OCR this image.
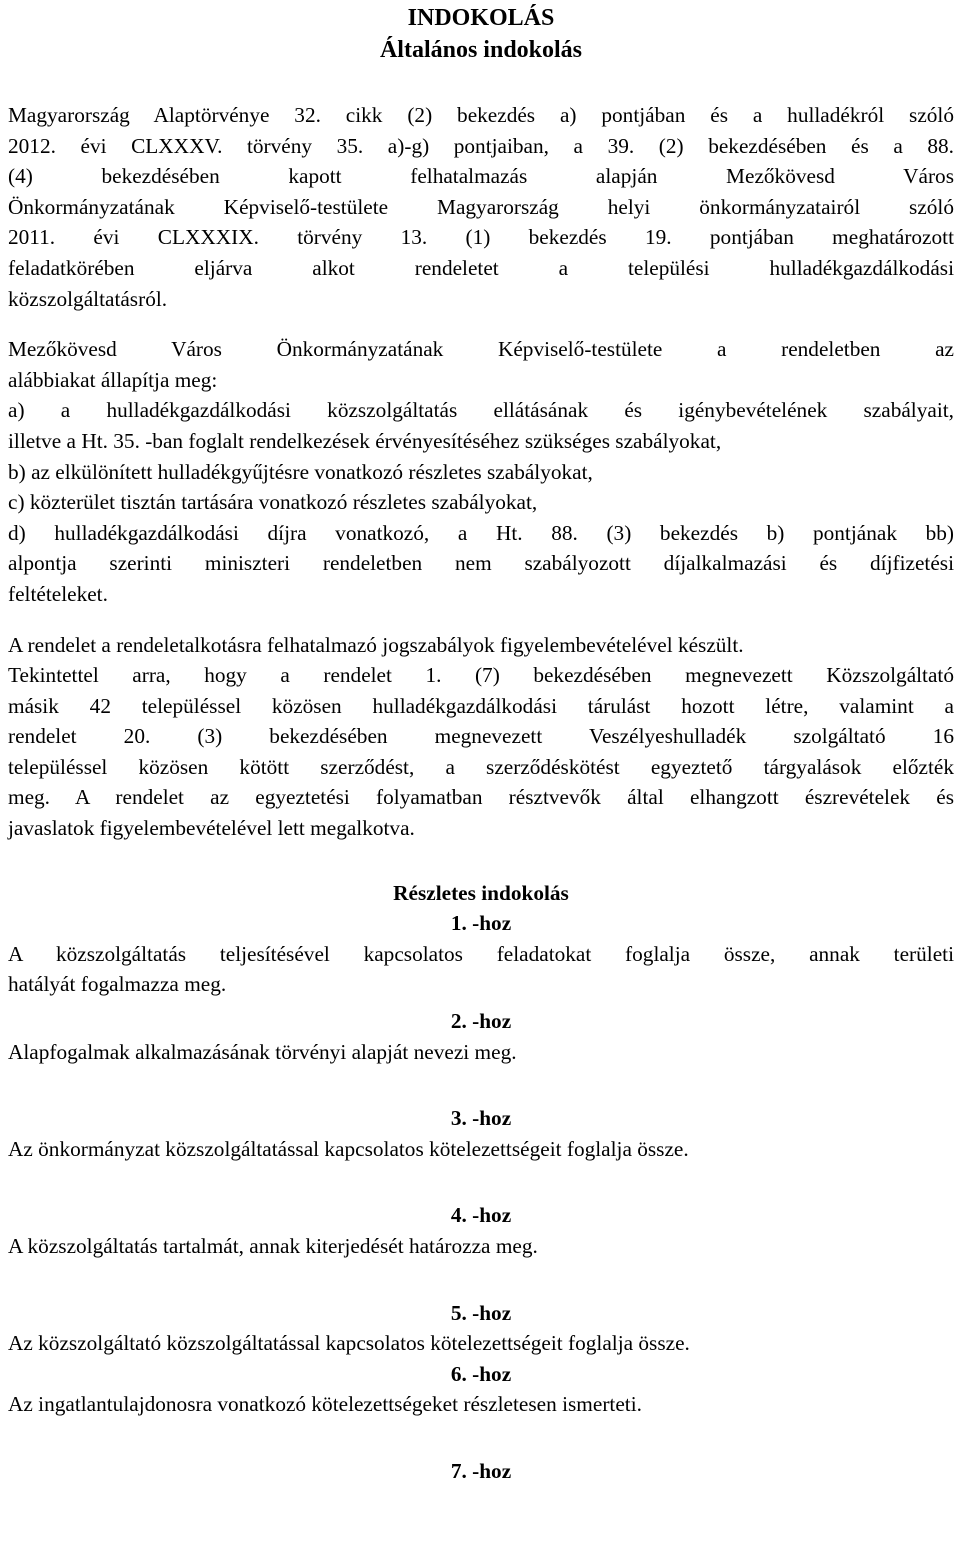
INDOKOLÁS

Általános indokolás

Magyarország Alaptörvénye 32. cikk (2) bekezdés a) pontjában és a hulladékról szóló
2012. évi CLXXXV. törvény 35. a)-g) pontjaiban, a 39. (2) bekezdésében és a 88.
(4) bekezdésében kapott felhatalmazás alapján Mezőkövesd Város
Önkormányzatának Képviselő-testülete Magyarország helyi önkormányzatairól szóló
2011. évi CLXXXIX. törvény 13. (1) bekezdés 19. pontjában meghatározott
feladatkörében eljárva alkot rendeletet a települési hulladékgazdálkodási
közszolgáltatásról.
Mezőkövesd Város Önkormányzatának Képviselő-testülete a rendeletben az
alábbiakat állapítja meg:
a) a hulladékgazdálkodási közszolgáltatás ellátásának és igénybevételének szabályait,
illetve a Ht. 35. -ban foglalt rendelkezések érvényesítéséhez szükséges szabályokat,
b) az elkülönített hulladékgyűjtésre vonatkozó részletes szabályokat,
c) közterület tisztán tartására vonatkozó részletes szabályokat,
d) hulladékgazdálkodási díjra vonatkozó, a Ht. 88. (3) bekezdés b) pontjának bb)
alpontja szerinti miniszteri rendeletben nem szabályozott díjalkalmazási és díjfizetési
feltételeket.
A rendelet a rendeletalkotásra felhatalmazó jogszabályok figyelembevételével készült.
Tekintettel arra, hogy a rendelet 1. (7) bekezdésében megnevezett Közszolgáltató
másik 42 településsel közösen hulladékgazdálkodási tárulást hozott létre, valamint a
rendelet 20. (3) bekezdésében megnevezett Veszélyeshulladék szolgáltató 16
településsel közösen kötött szerződést, a szerződéskötést egyeztető tárgyalások előzték
meg. A rendelet az egyeztetési folyamatban résztvevők által elhangzott észrevételek és
javaslatok figyelembevételével lett megalkotva.

Részletes indokolás

1. -hoz

A közszolgáltatás teljesítésével kapcsolatos feladatokat foglalja össze, annak területi
hatályát fogalmazza meg.

2. -hoz

Alapfogalmak alkalmazásának törvényi alapját nevezi meg.

3. -hoz

Az önkormányzat közszolgáltatással kapcsolatos kötelezettségeit foglalja össze.

4. -hoz

A közszolgáltatás tartalmát, annak kiterjedését határozza meg.

5. -hoz

Az közszolgáltató közszolgáltatással kapcsolatos kötelezettségeit foglalja össze.

6. -hoz

Az ingatlantulajdonosra vonatkozó kötelezettségeket részletesen ismerteti.

7. -hoz
